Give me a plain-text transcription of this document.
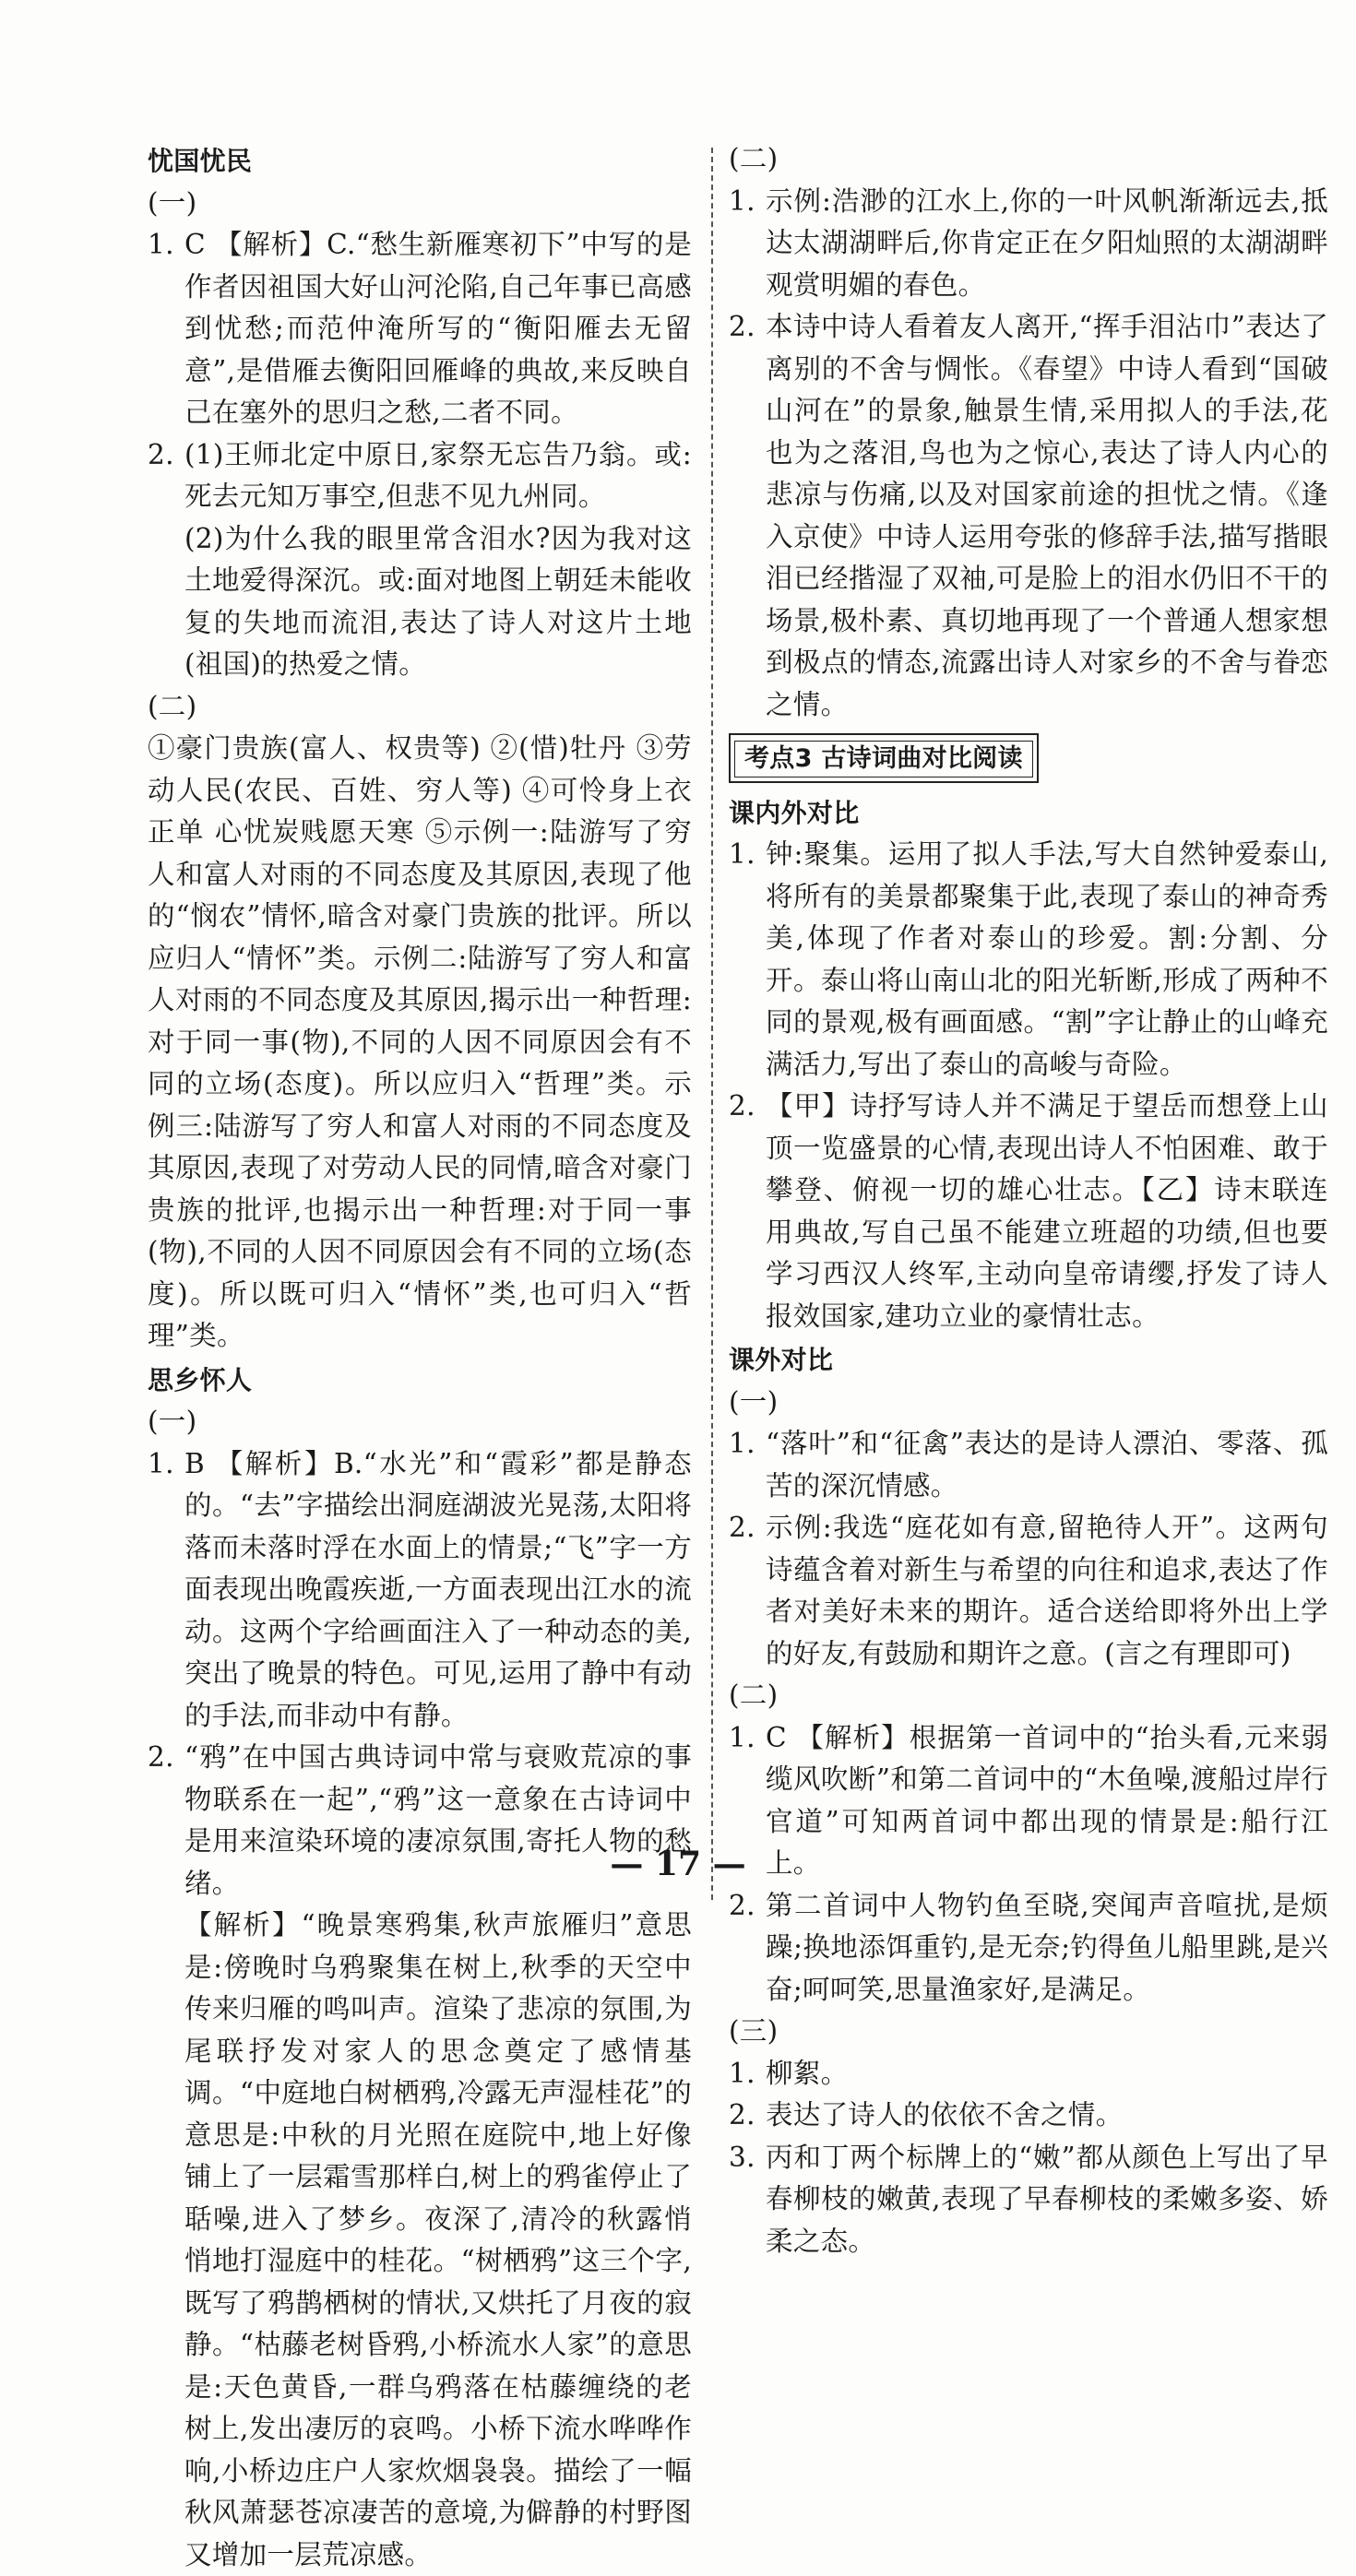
忧国忧民

(一)

1. C 【解析】C.“愁生新雁寒初下”中写的是作者因祖国大好山河沦陷,自己年事已高感到忧愁;而范仲淹所写的“衡阳雁去无留意”,是借雁去衡阳回雁峰的典故,来反映自己在塞外的思归之愁,二者不同。

2. (1)王师北定中原日,家祭无忘告乃翁。或:死去元知万事空,但悲不见九州同。

(2)为什么我的眼里常含泪水?因为我对这土地爱得深沉。或:面对地图上朝廷未能收复的失地而流泪,表达了诗人对这片土地(祖国)的热爱之情。

(二)

①豪门贵族(富人、权贵等) ②(惜)牡丹 ③劳动人民(农民、百姓、穷人等) ④可怜身上衣正单 心忧炭贱愿天寒 ⑤示例一:陆游写了穷人和富人对雨的不同态度及其原因,表现了他的“悯农”情怀,暗含对豪门贵族的批评。所以应归人“情怀”类。示例二:陆游写了穷人和富人对雨的不同态度及其原因,揭示出一种哲理:对于同一事(物),不同的人因不同原因会有不同的立场(态度)。所以应归入“哲理”类。示例三:陆游写了穷人和富人对雨的不同态度及其原因,表现了对劳动人民的同情,暗含对豪门贵族的批评,也揭示出一种哲理:对于同一事(物),不同的人因不同原因会有不同的立场(态度)。所以既可归入“情怀”类,也可归入“哲理”类。

思乡怀人

(一)

1. B 【解析】B.“水光”和“霞彩”都是静态的。“去”字描绘出洞庭湖波光晃荡,太阳将落而未落时浮在水面上的情景;“飞”字一方面表现出晚霞疾逝,一方面表现出江水的流动。这两个字给画面注入了一种动态的美,突出了晚景的特色。可见,运用了静中有动的手法,而非动中有静。

2. “鸦”在中国古典诗词中常与衰败荒凉的事物联系在一起”,“鸦”这一意象在古诗词中是用来渲染环境的凄凉氛围,寄托人物的愁绪。

【解析】“晚景寒鸦集,秋声旅雁归”意思是:傍晚时乌鸦聚集在树上,秋季的天空中传来归雁的鸣叫声。渲染了悲凉的氛围,为尾联抒发对家人的思念奠定了感情基调。“中庭地白树栖鸦,冷露无声湿桂花”的意思是:中秋的月光照在庭院中,地上好像铺上了一层霜雪那样白,树上的鸦雀停止了聒噪,进入了梦乡。夜深了,清冷的秋露悄悄地打湿庭中的桂花。“树栖鸦”这三个字,既写了鸦鹊栖树的情状,又烘托了月夜的寂静。“枯藤老树昏鸦,小桥流水人家”的意思是:天色黄昏,一群乌鸦落在枯藤缠绕的老树上,发出凄厉的哀鸣。小桥下流水哗哗作响,小桥边庄户人家炊烟袅袅。描绘了一幅秋风萧瑟苍凉凄苦的意境,为僻静的村野图又增加一层荒凉感。

(二)

1. 示例:浩渺的江水上,你的一叶风帆渐渐远去,抵达太湖湖畔后,你肯定正在夕阳灿照的太湖湖畔观赏明媚的春色。

2. 本诗中诗人看着友人离开,“挥手泪沾巾”表达了离别的不舍与惆怅。《春望》中诗人看到“国破山河在”的景象,触景生情,采用拟人的手法,花也为之落泪,鸟也为之惊心,表达了诗人内心的悲凉与伤痛,以及对国家前途的担忧之情。《逢入京使》中诗人运用夸张的修辞手法,描写揩眼泪已经揩湿了双袖,可是脸上的泪水仍旧不干的场景,极朴素、真切地再现了一个普通人想家想到极点的情态,流露出诗人对家乡的不舍与眷恋之情。

考点3 古诗词曲对比阅读

课内外对比

1. 钟:聚集。运用了拟人手法,写大自然钟爱泰山,将所有的美景都聚集于此,表现了泰山的神奇秀美,体现了作者对泰山的珍爱。割:分割、分开。泰山将山南山北的阳光斩断,形成了两种不同的景观,极有画面感。“割”字让静止的山峰充满活力,写出了泰山的高峻与奇险。

2. 【甲】诗抒写诗人并不满足于望岳而想登上山顶一览盛景的心情,表现出诗人不怕困难、敢于攀登、俯视一切的雄心壮志。【乙】诗末联连用典故,写自己虽不能建立班超的功绩,但也要学习西汉人终军,主动向皇帝请缨,抒发了诗人报效国家,建功立业的豪情壮志。

课外对比

(一)

1. “落叶”和“征禽”表达的是诗人漂泊、零落、孤苦的深沉情感。

2. 示例:我选“庭花如有意,留艳待人开”。这两句诗蕴含着对新生与希望的向往和追求,表达了作者对美好未来的期许。适合送给即将外出上学的好友,有鼓励和期许之意。(言之有理即可)

(二)

1. C 【解析】根据第一首词中的“抬头看,元来弱缆风吹断”和第二首词中的“木鱼噪,渡船过岸行官道”可知两首词中都出现的情景是:船行江上。

2. 第二首词中人物钓鱼至晓,突闻声音喧扰,是烦躁;换地添饵重钓,是无奈;钓得鱼儿船里跳,是兴奋;呵呵笑,思量渔家好,是满足。

(三)

1. 柳絮。

2. 表达了诗人的依依不舍之情。

3. 丙和丁两个标牌上的“嫩”都从颜色上写出了早春柳枝的嫩黄,表现了早春柳枝的柔嫩多姿、娇柔之态。

— 17 —
